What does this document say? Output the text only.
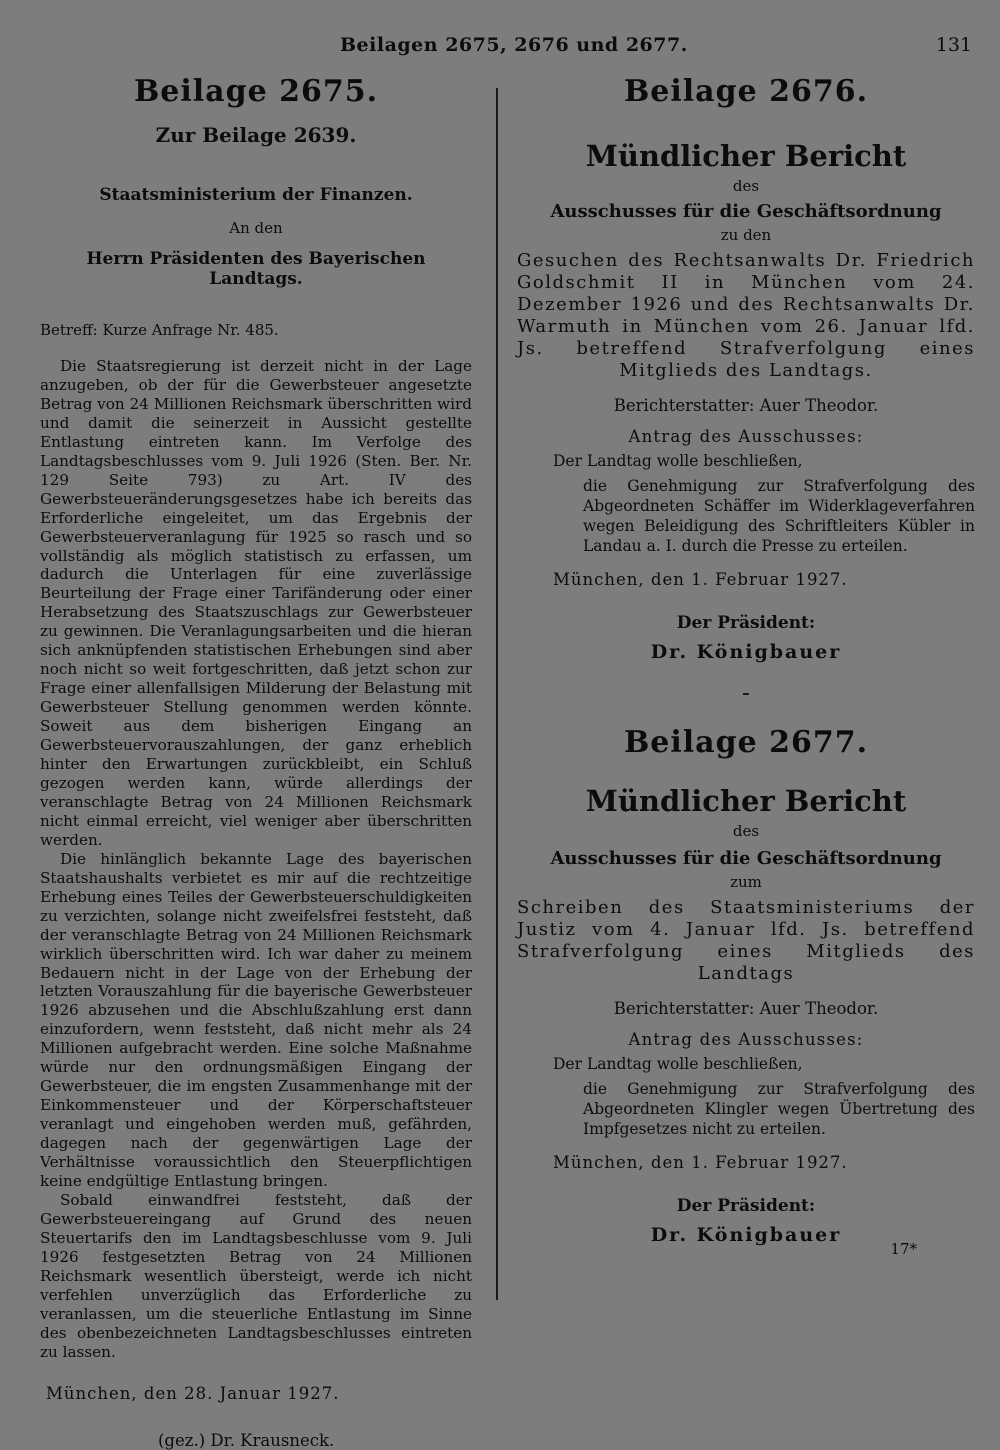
Beilagen 2675, 2676 und 2677.	131

Beilage 2675.

Zur Beilage 2639.

Staatsministerium der Finanzen.

An den

Herrn Präsidenten des Bayerischen Landtags.

Betreff: Kurze Anfrage Nr. 485.

Die Staatsregierung ist derzeit nicht in der Lage anzugeben, ob der für die Gewerbsteuer angesetzte Betrag von 24 Millionen Reichsmark überschritten wird und damit die seinerzeit in Aussicht gestellte Entlastung eintreten kann. Im Verfolge des Landtagsbeschlusses vom 9. Juli 1926 (Sten. Ber. Nr. 129 Seite 793) zu Art. IV des Gewerbsteueränderungsgesetzes habe ich bereits das Erforderliche eingeleitet, um das Ergebnis der Gewerbsteuerveranlagung für 1925 so rasch und so vollständig als möglich statistisch zu erfassen, um dadurch die Unterlagen für eine zuverlässige Beurteilung der Frage einer Tarifänderung oder einer Herabsetzung des Staatszuschlags zur Gewerbsteuer zu gewinnen. Die Veranlagungsarbeiten und die hieran sich anknüpfenden statistischen Erhebungen sind aber noch nicht so weit fortgeschritten, daß jetzt schon zur Frage einer allenfallsigen Milderung der Belastung mit Gewerbsteuer Stellung genommen werden könnte. Soweit aus dem bisherigen Eingang an Gewerbsteuervorauszahlungen, der ganz erheblich hinter den Erwartungen zurückbleibt, ein Schluß gezogen werden kann, würde allerdings der veranschlagte Betrag von 24 Millionen Reichsmark nicht einmal erreicht, viel weniger aber überschritten werden.

Die hinlänglich bekannte Lage des bayerischen Staatshaushalts verbietet es mir auf die rechtzeitige Erhebung eines Teiles der Gewerbsteuerschuldigkeiten zu verzichten, solange nicht zweifelsfrei feststeht, daß der veranschlagte Betrag von 24 Millionen Reichsmark wirklich überschritten wird. Ich war daher zu meinem Bedauern nicht in der Lage von der Erhebung der letzten Vorauszahlung für die bayerische Gewerbsteuer 1926 abzusehen und die Abschlußzahlung erst dann einzufordern, wenn feststeht, daß nicht mehr als 24 Millionen aufgebracht werden. Eine solche Maßnahme würde nur den ordnungsmäßigen Eingang der Gewerbsteuer, die im engsten Zusammenhange mit der Einkommensteuer und der Körperschaftsteuer veranlagt und eingehoben werden muß, gefährden, dagegen nach der gegenwärtigen Lage der Verhältnisse voraussichtlich den Steuerpflichtigen keine endgültige Entlastung bringen.

Sobald einwandfrei feststeht, daß der Gewerbsteuereingang auf Grund des neuen Steuertarifs den im Landtagsbeschlusse vom 9. Juli 1926 festgesetzten Betrag von 24 Millionen Reichsmark wesentlich übersteigt, werde ich nicht verfehlen unverzüglich das Erforderliche zu veranlassen, um die steuerliche Entlastung im Sinne des obenbezeichneten Landtagsbeschlusses eintreten zu lassen.

München, den 28. Januar 1927.

(gez.) Dr. Krausneck.

Beilage 2676.

Mündlicher Bericht

des

Ausschusses für die Geschäftsordnung

zu den

Gesuchen des Rechtsanwalts Dr. Friedrich Goldschmit II in München vom 24. Dezember 1926 und des Rechtsanwalts Dr. Warmuth in München vom 26. Januar lfd. Js. betreffend Strafverfolgung eines Mitglieds des Landtags.

Berichterstatter: Auer Theodor.

Antrag des Ausschusses:

Der Landtag wolle beschließen,

die Genehmigung zur Strafverfolgung des Abgeordneten Schäffer im Widerklageverfahren wegen Beleidigung des Schriftleiters Kübler in Landau a. I. durch die Presse zu erteilen.

München, den 1. Februar 1927.

Der Präsident:

Dr. Königbauer

Beilage 2677.

Mündlicher Bericht

des

Ausschusses für die Geschäftsordnung

zum

Schreiben des Staatsministeriums der Justiz vom 4. Januar lfd. Js. betreffend Strafverfolgung eines Mitglieds des Landtags

Berichterstatter: Auer Theodor.

Antrag des Ausschusses:

Der Landtag wolle beschließen,

die Genehmigung zur Strafverfolgung des Abgeordneten Klingler wegen Übertretung des Impfgesetzes nicht zu erteilen.

München, den 1. Februar 1927.

Der Präsident:

Dr. Königbauer

17*
